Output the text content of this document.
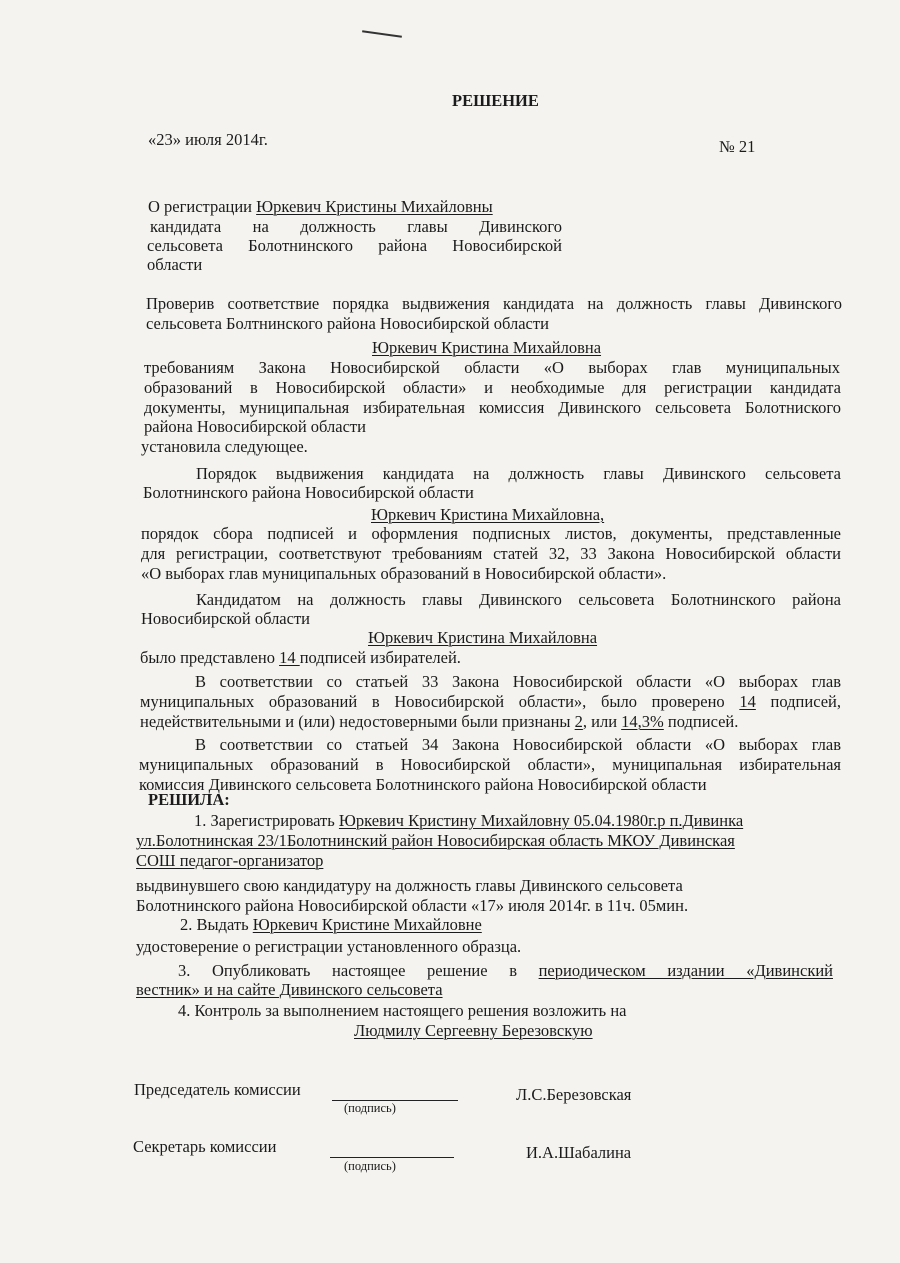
РЕШЕНИЕ
«23» июля 2014г.	№ 21
О регистрации Юркевич Кристины Михайловны
кандидата на должность главы Дивинского
сельсовета Болотнинского района Новосибирской
области
Проверив соответствие порядка выдвижения кандидата на должность главы Дивинского
сельсовета Болтнинского района Новосибирской области
Юркевич Кристина Михайловна
требованиям Закона Новосибирской области «О выборах глав муниципальных
образований в Новосибирской области» и необходимые для регистрации кандидата
документы, муниципальная избирательная комиссия Дивинского сельсовета Болотниского
района Новосибирской области
установила следующее.
Порядок выдвижения кандидата на должность главы Дивинского сельсовета
Болотнинского района Новосибирской области
Юркевич Кристина Михайловна,
порядок сбора подписей и оформления подписных листов, документы, представленные
для регистрации, соответствуют требованиям статей 32, 33 Закона Новосибирской области
«О выборах глав муниципальных образований в Новосибирской области».
Кандидатом на должность главы Дивинского сельсовета Болотнинского района
Новосибирской области
Юркевич Кристина Михайловна
было представлено 14 подписей избирателей.
В соответствии со статьей 33 Закона Новосибирской области «О выборах глав
муниципальных образований в Новосибирской области», было проверено 14 подписей,
недействительными и (или) недостоверными были признаны 2, или 14,3% подписей.
В соответствии со статьей 34 Закона Новосибирской области «О выборах глав
муниципальных образований в Новосибирской области», муниципальная избирательная
комиссия Дивинского сельсовета Болотнинского района Новосибирской области
РЕШИЛА:
1. Зарегистрировать Юркевич Кристину Михайловну 05.04.1980г.р п.Дивинка
ул.Болотнинская 23/1Болотнинский район Новосибирская область МКОУ Дивинская
СОШ педагог-организатор
выдвинувшего свою кандидатуру на должность главы Дивинского сельсовета
Болотнинского района Новосибирской области «17» июля 2014г. в 11ч. 05мин.
2. Выдать Юркевич Кристине Михайловне
удостоверение о регистрации установленного образца.
3. Опубликовать настоящее решение в периодическом издании «Дивинский
вестник» и на сайте Дивинского сельсовета
4. Контроль за выполнением настоящего решения возложить на
Людмилу Сергеевну Березовскую
Председатель комиссии
(подпись)
Л.С.Березовская
Секретарь комиссии
(подпись)
И.А.Шабалина
